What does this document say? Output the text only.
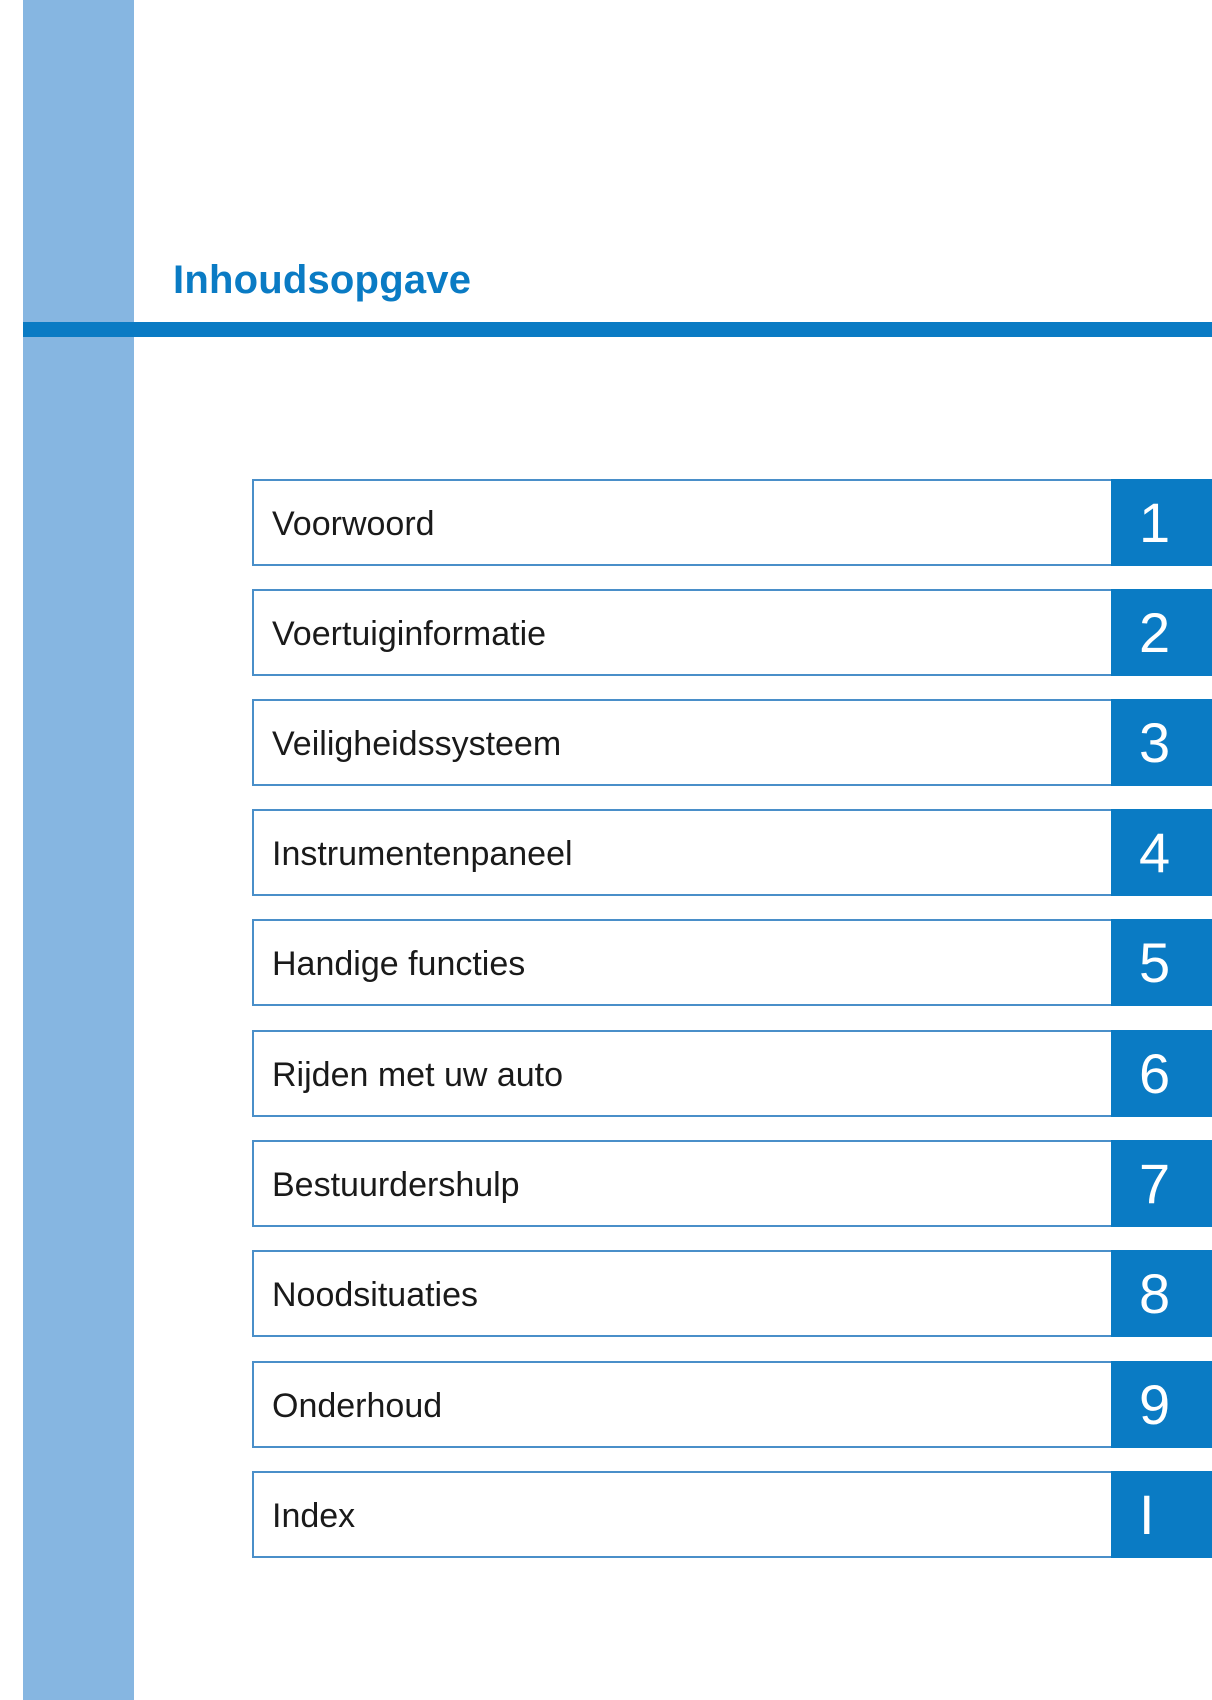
Inhoudsopgave
Voorwoord	1
Voertuiginformatie	2
Veiligheidssysteem	3
Instrumentenpaneel	4
Handige functies	5
Rijden met uw auto	6
Bestuurdershulp	7
Noodsituaties	8
Onderhoud	9
Index	I
